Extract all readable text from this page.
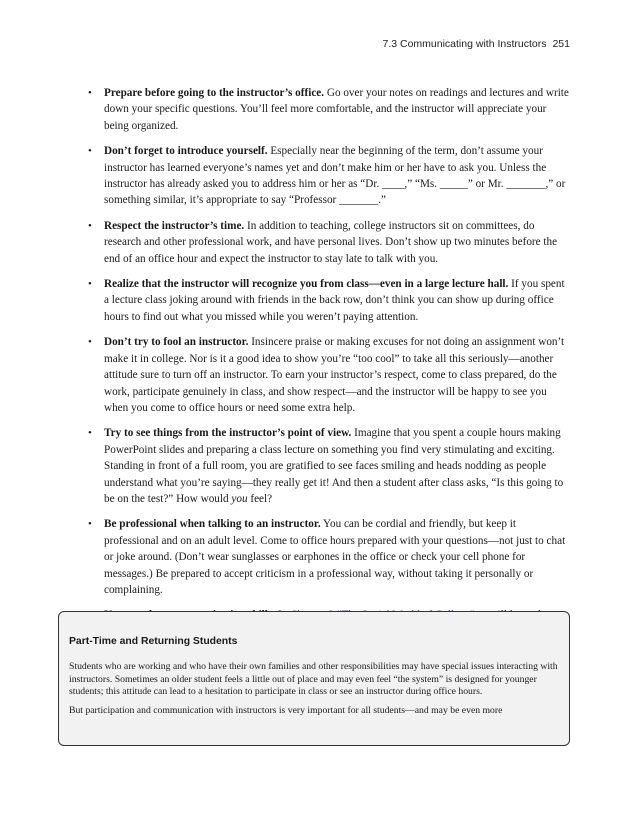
7.3 Communicating with Instructors 251
• Prepare before going to the instructor’s office. Go over your notes on readings and lectures and write down your specific questions. You’ll feel more comfortable, and the instructor will appreciate your being organized.
• Don’t forget to introduce yourself. Especially near the beginning of the term, don’t assume your instructor has learned everyone’s names yet and don’t make him or her have to ask you. Unless the instructor has already asked you to address him or her as “Dr. ____,” “Ms. _____” or Mr. _______,” or something similar, it’s appropriate to say “Professor _______.”
• Respect the instructor’s time. In addition to teaching, college instructors sit on committees, do research and other professional work, and have personal lives. Don’t show up two minutes before the end of an office hour and expect the instructor to stay late to talk with you.
• Realize that the instructor will recognize you from class—even in a large lecture hall. If you spent a lecture class joking around with friends in the back row, don’t think you can show up during office hours to find out what you missed while you weren’t paying attention.
• Don’t try to fool an instructor. Insincere praise or making excuses for not doing an assignment won’t make it in college. Nor is it a good idea to show you’re “too cool” to take all this seriously—another attitude sure to turn off an instructor. To earn your instructor’s respect, come to class prepared, do the work, participate genuinely in class, and show respect—and the instructor will be happy to see you when you come to office hours or need some extra help.
• Try to see things from the instructor’s point of view. Imagine that you spent a couple hours making PowerPoint slides and preparing a class lecture on something you find very stimulating and exciting. Standing in front of a full room, you are gratified to see faces smiling and heads nodding as people understand what you’re saying—they really get it! And then a student after class asks, “Is this going to be on the test?” How would you feel?
• Be professional when talking to an instructor. You can be cordial and friendly, but keep it professional and on an adult level. Come to office hours prepared with your questions—not just to chat or joke around. (Don’t wear sunglasses or earphones in the office or check your cell phone for messages.) Be prepared to accept criticism in a professional way, without taking it personally or complaining.
•
Part-Time and Returning Students

Students who are working and who have their own families and other responsibilities may have special issues interacting with instructors. Sometimes an older student feels a little out of place and may even feel “the system” is designed for younger students; this attitude can lead to a hesitation to participate in class or see an instructor during office hours.

But participation and communication with instructors is very important for all students—and may be even more
